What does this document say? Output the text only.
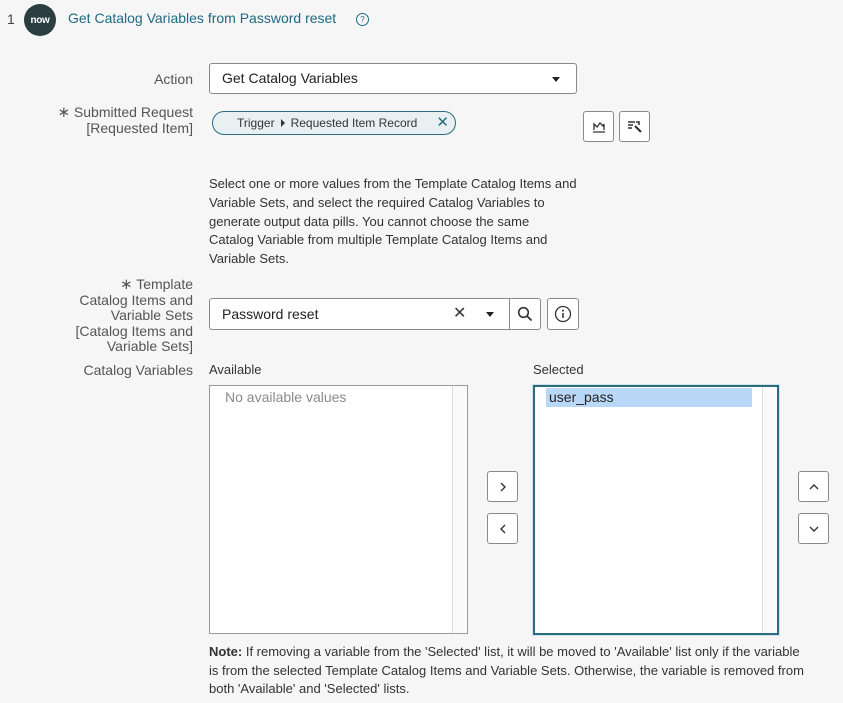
1	now	Get Catalog Variables from Password reset	?
Action	Get Catalog Variables
∗ Submitted Request [Requested Item]	Trigger Requested Item Record ✕
Select one or more values from the Template Catalog Items and Variable Sets, and select the required Catalog Variables to generate output data pills. You cannot choose the same Catalog Variable from multiple Template Catalog Items and Variable Sets.
∗ Template Catalog Items and Variable Sets [Catalog Items and Variable Sets]
Password reset	✕
Catalog Variables Available	Selected
No available values	user_pass
Note: If removing a variable from the 'Selected' list, it will be moved to 'Available' list only if the variable is from the selected Template Catalog Items and Variable Sets. Otherwise, the variable is removed from both 'Available' and 'Selected' lists.
